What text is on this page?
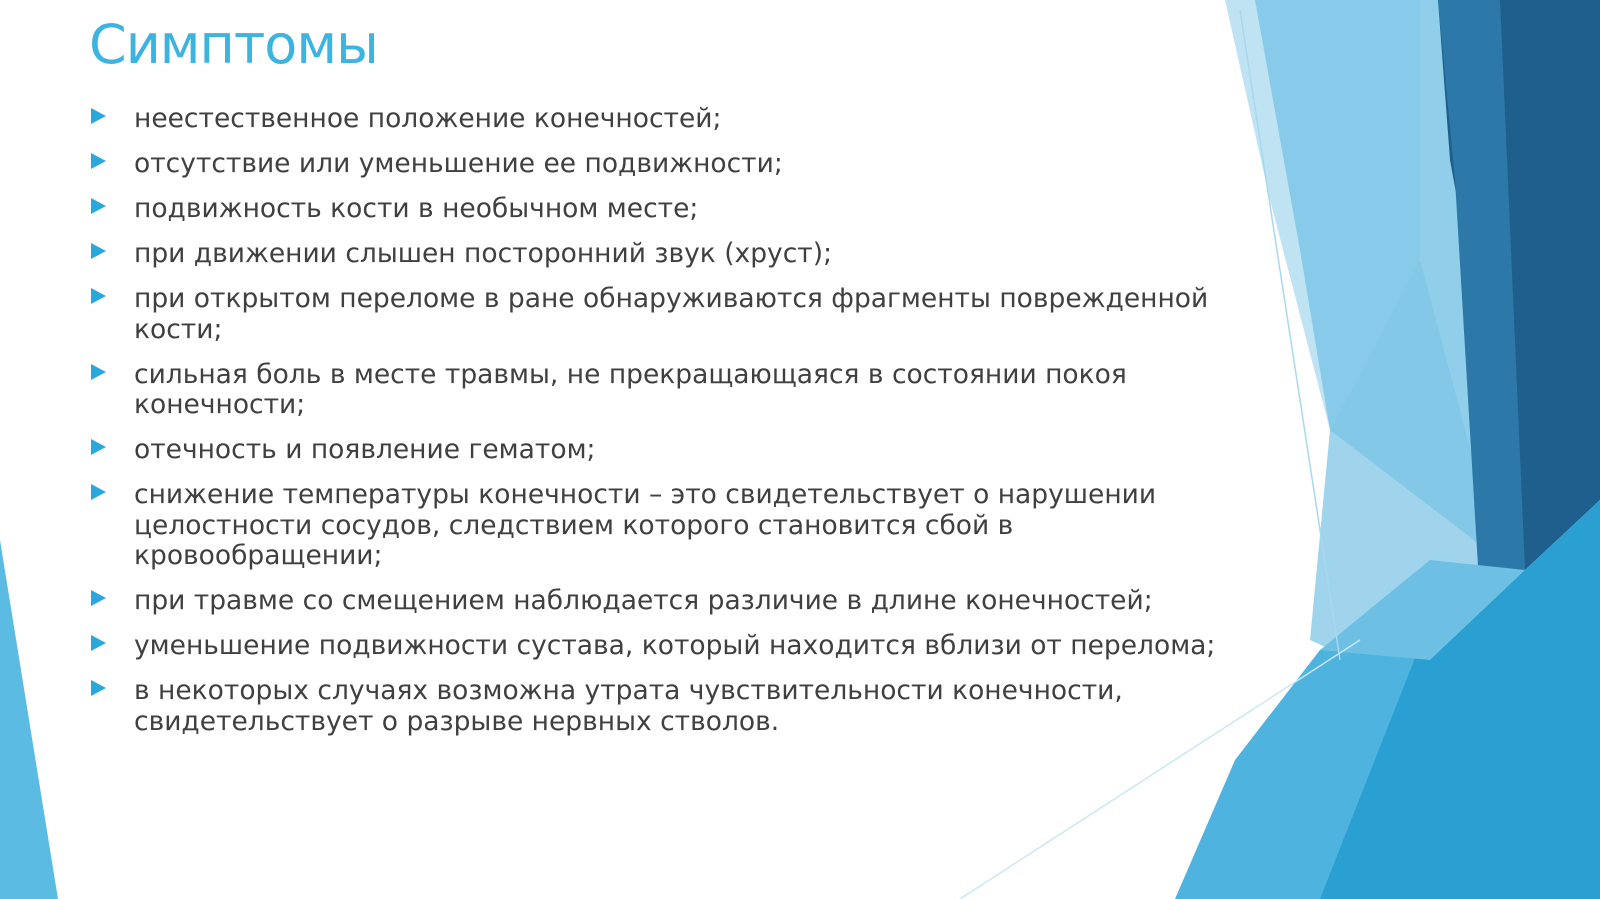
Симптомы
неестественное положение конечностей;
отсутствие или уменьшение ее подвижности;
подвижность кости в необычном месте;
при движении слышен посторонний звук (хруст);
при открытом переломе в ране обнаруживаются фрагменты поврежденной кости;
сильная боль в месте травмы, не прекращающаяся в состоянии покоя конечности;
отечность и появление гематом;
снижение температуры конечности – это свидетельствует о нарушении целостности сосудов, следствием которого становится сбой в кровообращении;
при травме со смещением наблюдается различие в длине конечностей;
уменьшение подвижности сустава, который находится вблизи от перелома;
в некоторых случаях возможна утрата чувствительности конечности, свидетельствует о разрыве нервных стволов.
